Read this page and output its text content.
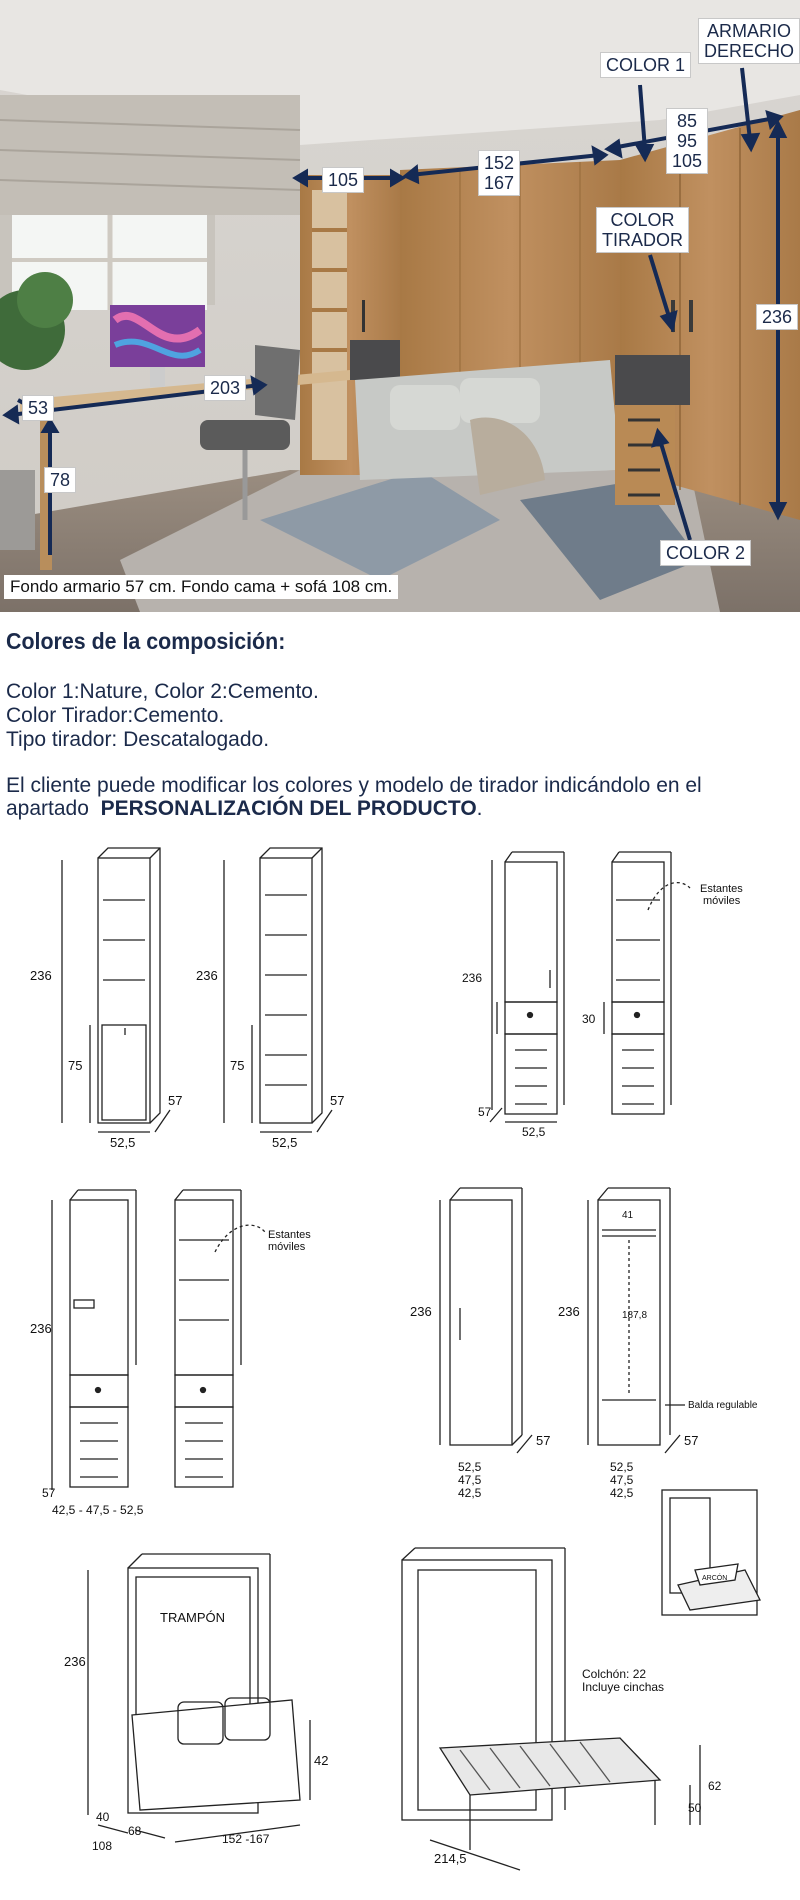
ARMARIO
DERECHO
COLOR 1
85
95
105
105
152
167
COLOR
TIRADOR
236
203
53
78
COLOR 2
Fondo armario 57 cm. Fondo cama + sofá 108 cm.
Colores de la composición:
Color 1:Nature, Color 2:Cemento.
Color Tirador:Cemento.
Tipo tirador: Descatalogado.
El cliente puede modificar los colores y modelo de tirador indicándolo en el apartado PERSONALIZACIÓN DEL PRODUCTO.
236
75
52,5
57
236
75
52,5
57
236
30
57
52,5
Estantes
móviles
236
57
42,5 - 47,5 - 52,5
Estantes
móviles
236
52,5
47,5
42,5
57
236
41
187,8
Balda regulable
52,5
47,5
42,5
57
236
TRAMPÓN
42
40
68
108	152 -167
Colchón: 22
Incluye cinchas
62
50
214,5
ARCÓN
